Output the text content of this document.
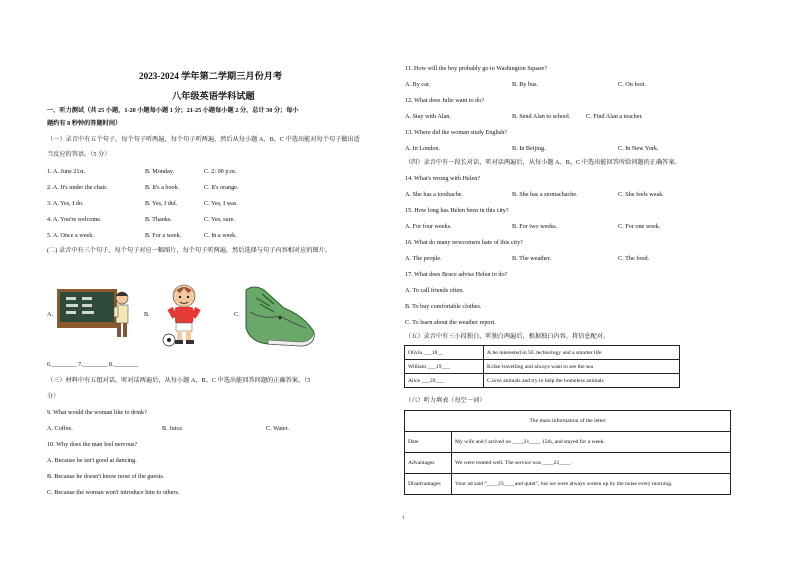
2023-2024 学年第二学期三月份月考
八年级英语学科试题
一、听力测试（共 25 小题，1-20 小题每小题 1 分；21-25 小题每小题 2 分，总计 30 分；每小
题约有 8 秒钟的答题时间）
（一）录音中有五个句子，每个句子听两遍，每个句子听两遍，然后从每小题 A、B、C 中选出能对每个句子做出适
当反应的答语。（5 分）
1. A. June 21st.	B. Monday.	C. 2: 00 p.m.
2. A. It's under the chair.	B. It's a book.	C. It's orange.
3. A. Yes, I do.	B. Yes, I did.	C. Yes, I was.
4. A. You're welcome.	B. Thanks.	C. Yes, sure.
5. A. Once a week.	B. For a week.	C. In a week.
(二) 录音中有三个句子，每个句子对应一幅图片，每个句子听两遍，然后选择与句子内容相对应的图片。
A.	B.	C.
6.________ 7.________ 8.________
（三）材料中有五组对话，听对话两遍后，从每小题 A、B、C 中选出能回答问题的正确答案。（5
分）
9. What would the woman like to drink?
A. Coffee.	B. Juice.	C. Water.
10. Why does the man feel nervous?
A. Because he isn't good at dancing.
B. Because he doesn't know most of the guests.
C. Because the woman won't introduce him to others.
11. How will the boy probably go to Washington Square?
A. By car.	B. By bus.	C. On foot.
12. What does Julie want to do?
A. Stay with Alan.	B. Send Alan to school.	C. Find Alan a teacher.
13. Where did the woman study English?
A. In London.	B. In Beijing.	C. In New York.
（四）录音中有一段长对话，听对话两遍后，从每小题 A、B、C 中选出能回答所给问题的正确答案。
14. What's wrong with Helen?
A. She has a toothache.	B. She has a stomachache.	C. She feels weak.
15. How long has Helen been in this city?
A. For four weeks.	B. For two weeks.	C. For one week.
16. What do many newcomers hate of this city?
A. The people.	B. The weather.	C. The food.
17. What does Bruce advise Helen to do?
A. To call friends often.
B. To buy comfortable clothes.
C. To learn about the weather report.
（五）录音中有三小段独白，听独白两遍后，根据独白内容，将信息配对。
Olivia ___18__	A.be interested in 5G technology and a smarter life
William ___19___	B.like travelling and always want to see the sea
Alice ___20___	C.love animals and try to help the homeless animals
（六）听力填表（每空一词）
The main information of the letter	
Date	My wife and I arrived on ____21____ 15th, and stayed for a week.
Advantages	We were treated well. The service was ____22____.
Disadvantages	Your ad said “____23____and quiet”, but we were always woken up by the noise every morning.
1
